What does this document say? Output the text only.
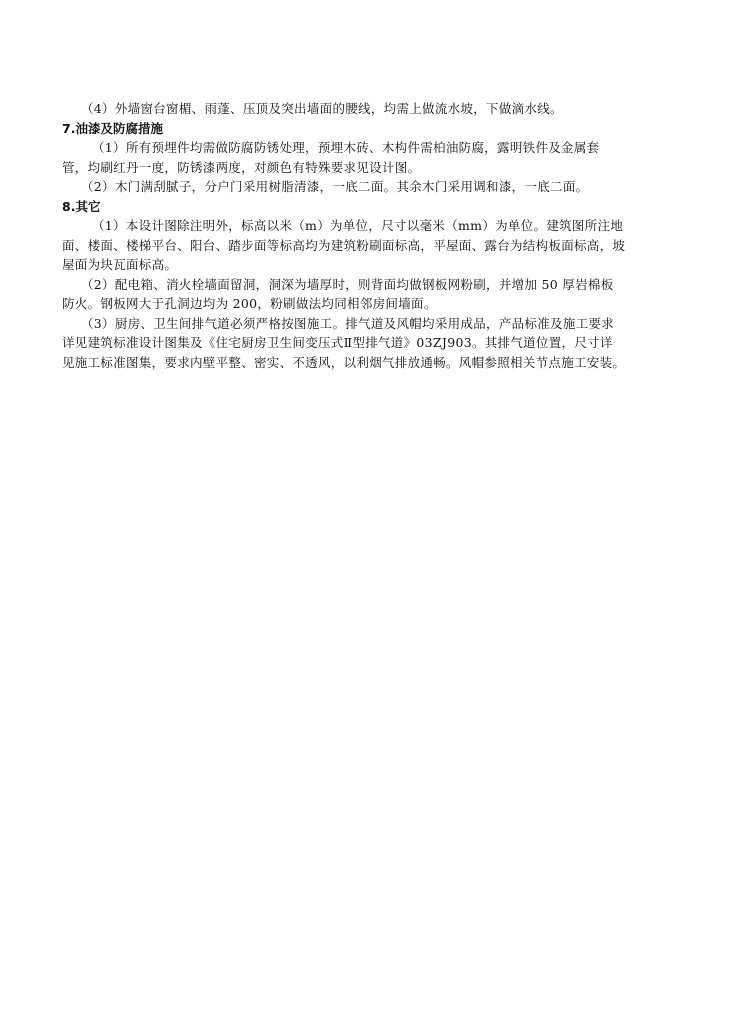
（4）外墙窗台窗楣、雨蓬、压顶及突出墙面的腰线，均需上做流水坡，下做滴水线。

7.油漆及防腐措施

（1）所有预埋件均需做防腐防锈处理，预埋木砖、木构件需柏油防腐，露明铁件及金属套

管，均刷红丹一度，防锈漆两度，对颜色有特殊要求见设计图。

（2）木门满刮腻子，分户门采用树脂清漆，一底二面。其余木门采用调和漆，一底二面。

8.其它

（1）本设计图除注明外，标高以米（m）为单位，尺寸以毫米（mm）为单位。建筑图所注地

面、楼面、楼梯平台、阳台、踏步面等标高均为建筑粉刷面标高，平屋面、露台为结构板面标高，坡

屋面为块瓦面标高。

（2）配电箱、消火栓墙面留洞，洞深为墙厚时，则背面均做钢板网粉刷，并增加 50 厚岩棉板

防火。钢板网大于孔洞边均为 200，粉刷做法均同相邻房间墙面。

（3）厨房、卫生间排气道必须严格按图施工。排气道及风帽均采用成品，产品标准及施工要求

详见建筑标准设计图集及《住宅厨房卫生间变压式Ⅱ型排气道》03ZJ903。其排气道位置，尺寸详

见施工标准图集，要求内壁平整、密实、不透风，以利烟气排放通畅。风帽参照相关节点施工安装。
